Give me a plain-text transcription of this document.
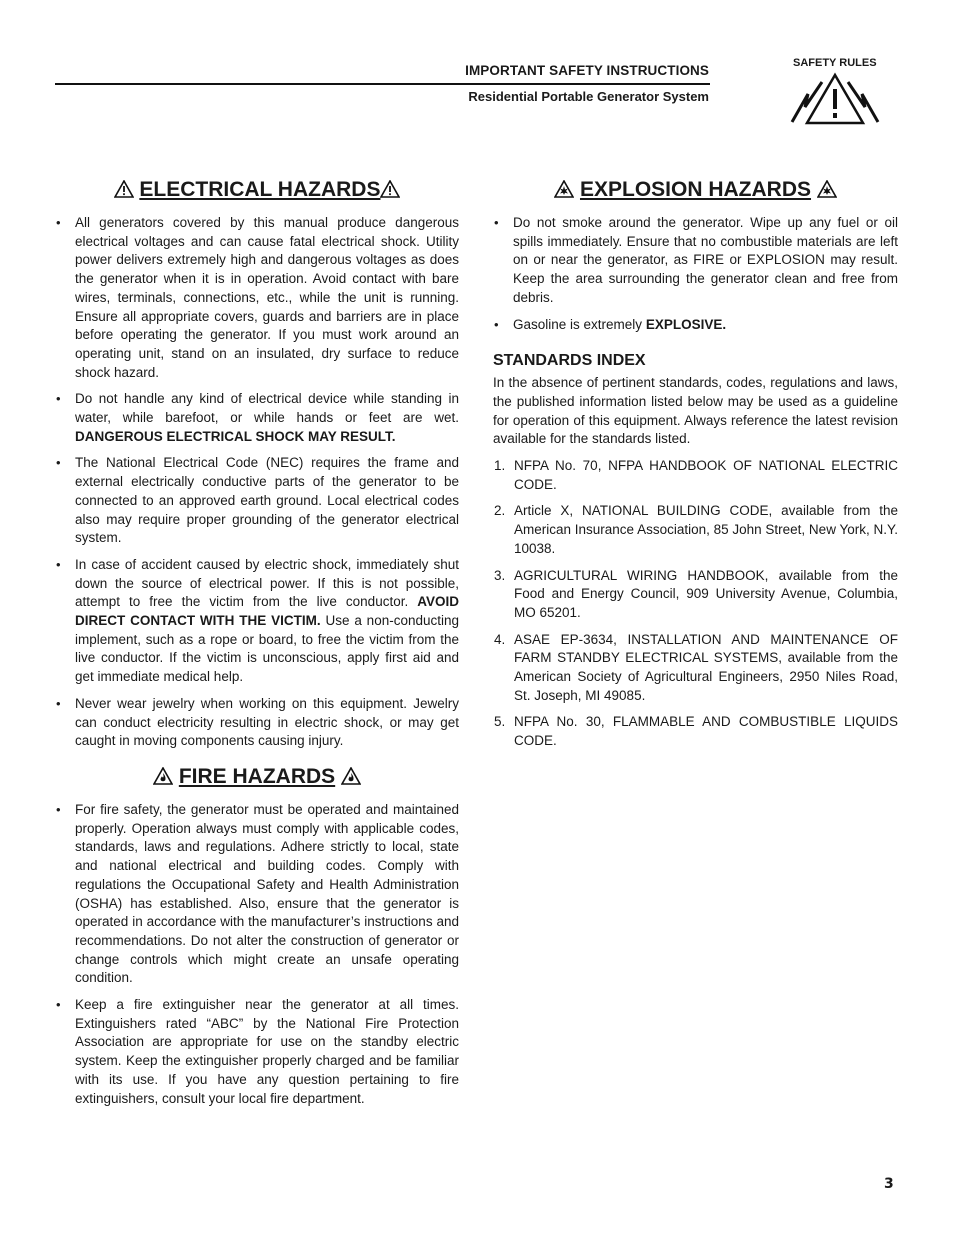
IMPORTANT SAFETY INSTRUCTIONS
Residential Portable Generator System
SAFETY RULES
ELECTRICAL HAZARDS
• All generators covered by this manual produce dangerous electrical voltages and can cause fatal electrical shock. Utility power delivers extremely high and dangerous voltages as does the generator when it is in operation. Avoid contact with bare wires, terminals, connections, etc., while the unit is running. Ensure all appropriate covers, guards and barriers are in place before operating the generator. If you must work around an operating unit, stand on an insulated, dry surface to reduce shock hazard.
• Do not handle any kind of electrical device while standing in water, while barefoot, or while hands or feet are wet. DANGEROUS ELECTRICAL SHOCK MAY RESULT.
• The National Electrical Code (NEC) requires the frame and external electrically conductive parts of the generator to be connected to an approved earth ground. Local electrical codes also may require proper grounding of the generator electrical system.
• In case of accident caused by electric shock, immediately shut down the source of electrical power. If this is not possible, attempt to free the victim from the live conductor. AVOID DIRECT CONTACT WITH THE VICTIM. Use a non-conducting implement, such as a rope or board, to free the victim from the live conductor. If the victim is unconscious, apply first aid and get immediate medical help.
• Never wear jewelry when working on this equipment. Jewelry can conduct electricity resulting in electric shock, or may get caught in moving components causing injury.
FIRE HAZARDS
• For fire safety, the generator must be operated and maintained properly. Operation always must comply with applicable codes, standards, laws and regulations. Adhere strictly to local, state and national electrical and building codes. Comply with regulations the Occupational Safety and Health Administration (OSHA) has established. Also, ensure that the generator is operated in accordance with the manufacturer’s instructions and recommendations. Do not alter the construction of generator or change controls which might create an unsafe operating condition.
• Keep a fire extinguisher near the generator at all times. Extinguishers rated “ABC” by the National Fire Protection Association are appropriate for use on the standby electric system. Keep the extinguisher properly charged and be familiar with its use. If you have any question pertaining to fire extinguishers, consult your local fire department.
EXPLOSION HAZARDS
• Do not smoke around the generator. Wipe up any fuel or oil spills immediately. Ensure that no combustible materials are left on or near the generator, as FIRE or EXPLOSION may result. Keep the area surrounding the generator clean and free from debris.
• Gasoline is extremely EXPLOSIVE.
STANDARDS INDEX

In the absence of pertinent standards, codes, regulations and laws, the published information listed below may be used as a guideline for operation of this equipment. Always reference the latest revision available for the standards listed.

1. NFPA No. 70, NFPA HANDBOOK OF NATIONAL ELECTRIC CODE.
2. Article X, NATIONAL BUILDING CODE, available from the American Insurance Association, 85 John Street, New York, N.Y. 10038.
3. AGRICULTURAL WIRING HANDBOOK, available from the Food and Energy Council, 909 University Avenue, Columbia, MO 65201.
4. ASAE EP-3634, INSTALLATION AND MAINTENANCE OF FARM STANDBY ELECTRICAL SYSTEMS, available from the American Society of Agricultural Engineers, 2950 Niles Road, St. Joseph, MI 49085.
5. NFPA No. 30, FLAMMABLE AND COMBUSTIBLE LIQUIDS CODE.
3
